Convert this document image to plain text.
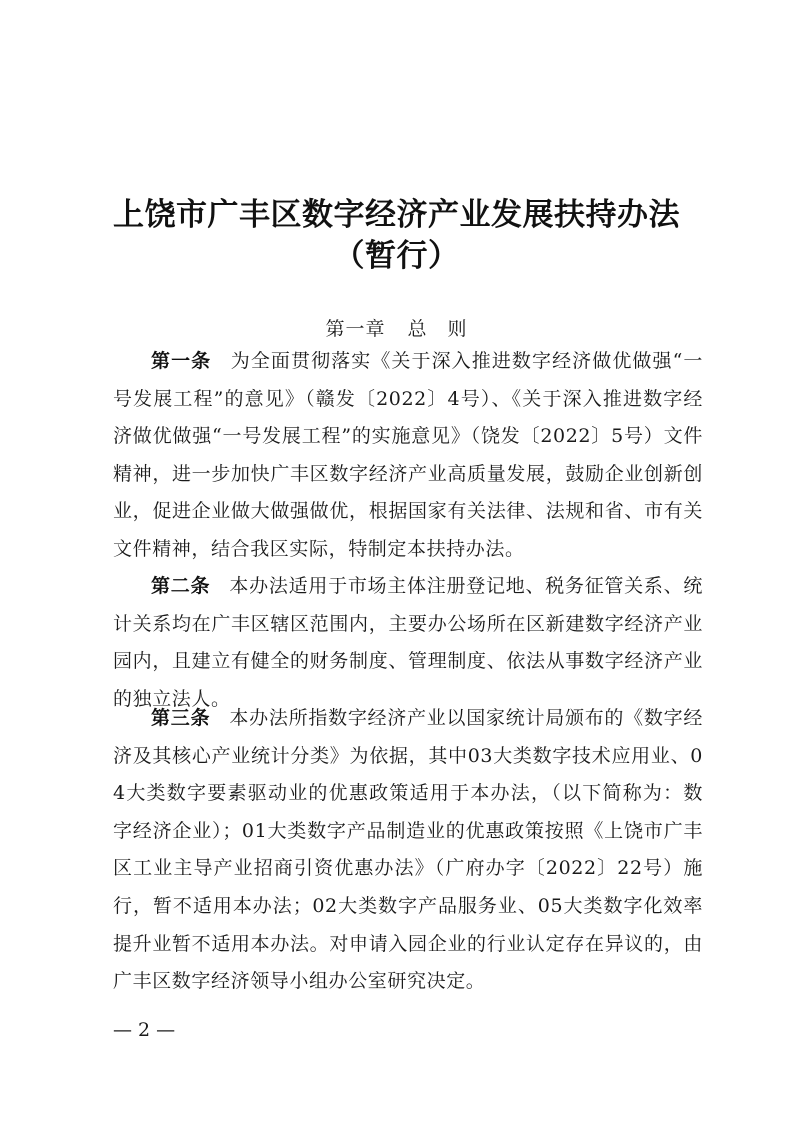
上饶市广丰区数字经济产业发展扶持办法
（暂行）
第一章 总　则

第一条 为全面贯彻落实《关于深入推进数字经济做优做强“一号发展工程”的意见》（赣发〔2022〕4号）、《关于深入推进数字经济做优做强“一号发展工程”的实施意见》（饶发〔2022〕5号）文件精神，进一步加快广丰区数字经济产业高质量发展，鼓励企业创新创业，促进企业做大做强做优，根据国家有关法律、法规和省、市有关文件精神，结合我区实际，特制定本扶持办法。

第二条 本办法适用于市场主体注册登记地、税务征管关系、统计关系均在广丰区辖区范围内，主要办公场所在区新建数字经济产业园内，且建立有健全的财务制度、管理制度、依法从事数字经济产业的独立法人。

第三条 本办法所指数字经济产业以国家统计局颁布的《数字经济及其核心产业统计分类》为依据，其中03大类数字技术应用业、04大类数字要素驱动业的优惠政策适用于本办法，（以下简称为：数字经济企业）；01大类数字产品制造业的优惠政策按照《上饶市广丰区工业主导产业招商引资优惠办法》（广府办字〔2022〕22号）施行，暂不适用本办法；02大类数字产品服务业、05大类数字化效率提升业暂不适用本办法。对申请入园企业的行业认定存在异议的，由广丰区数字经济领导小组办公室研究决定。

— 2 —
